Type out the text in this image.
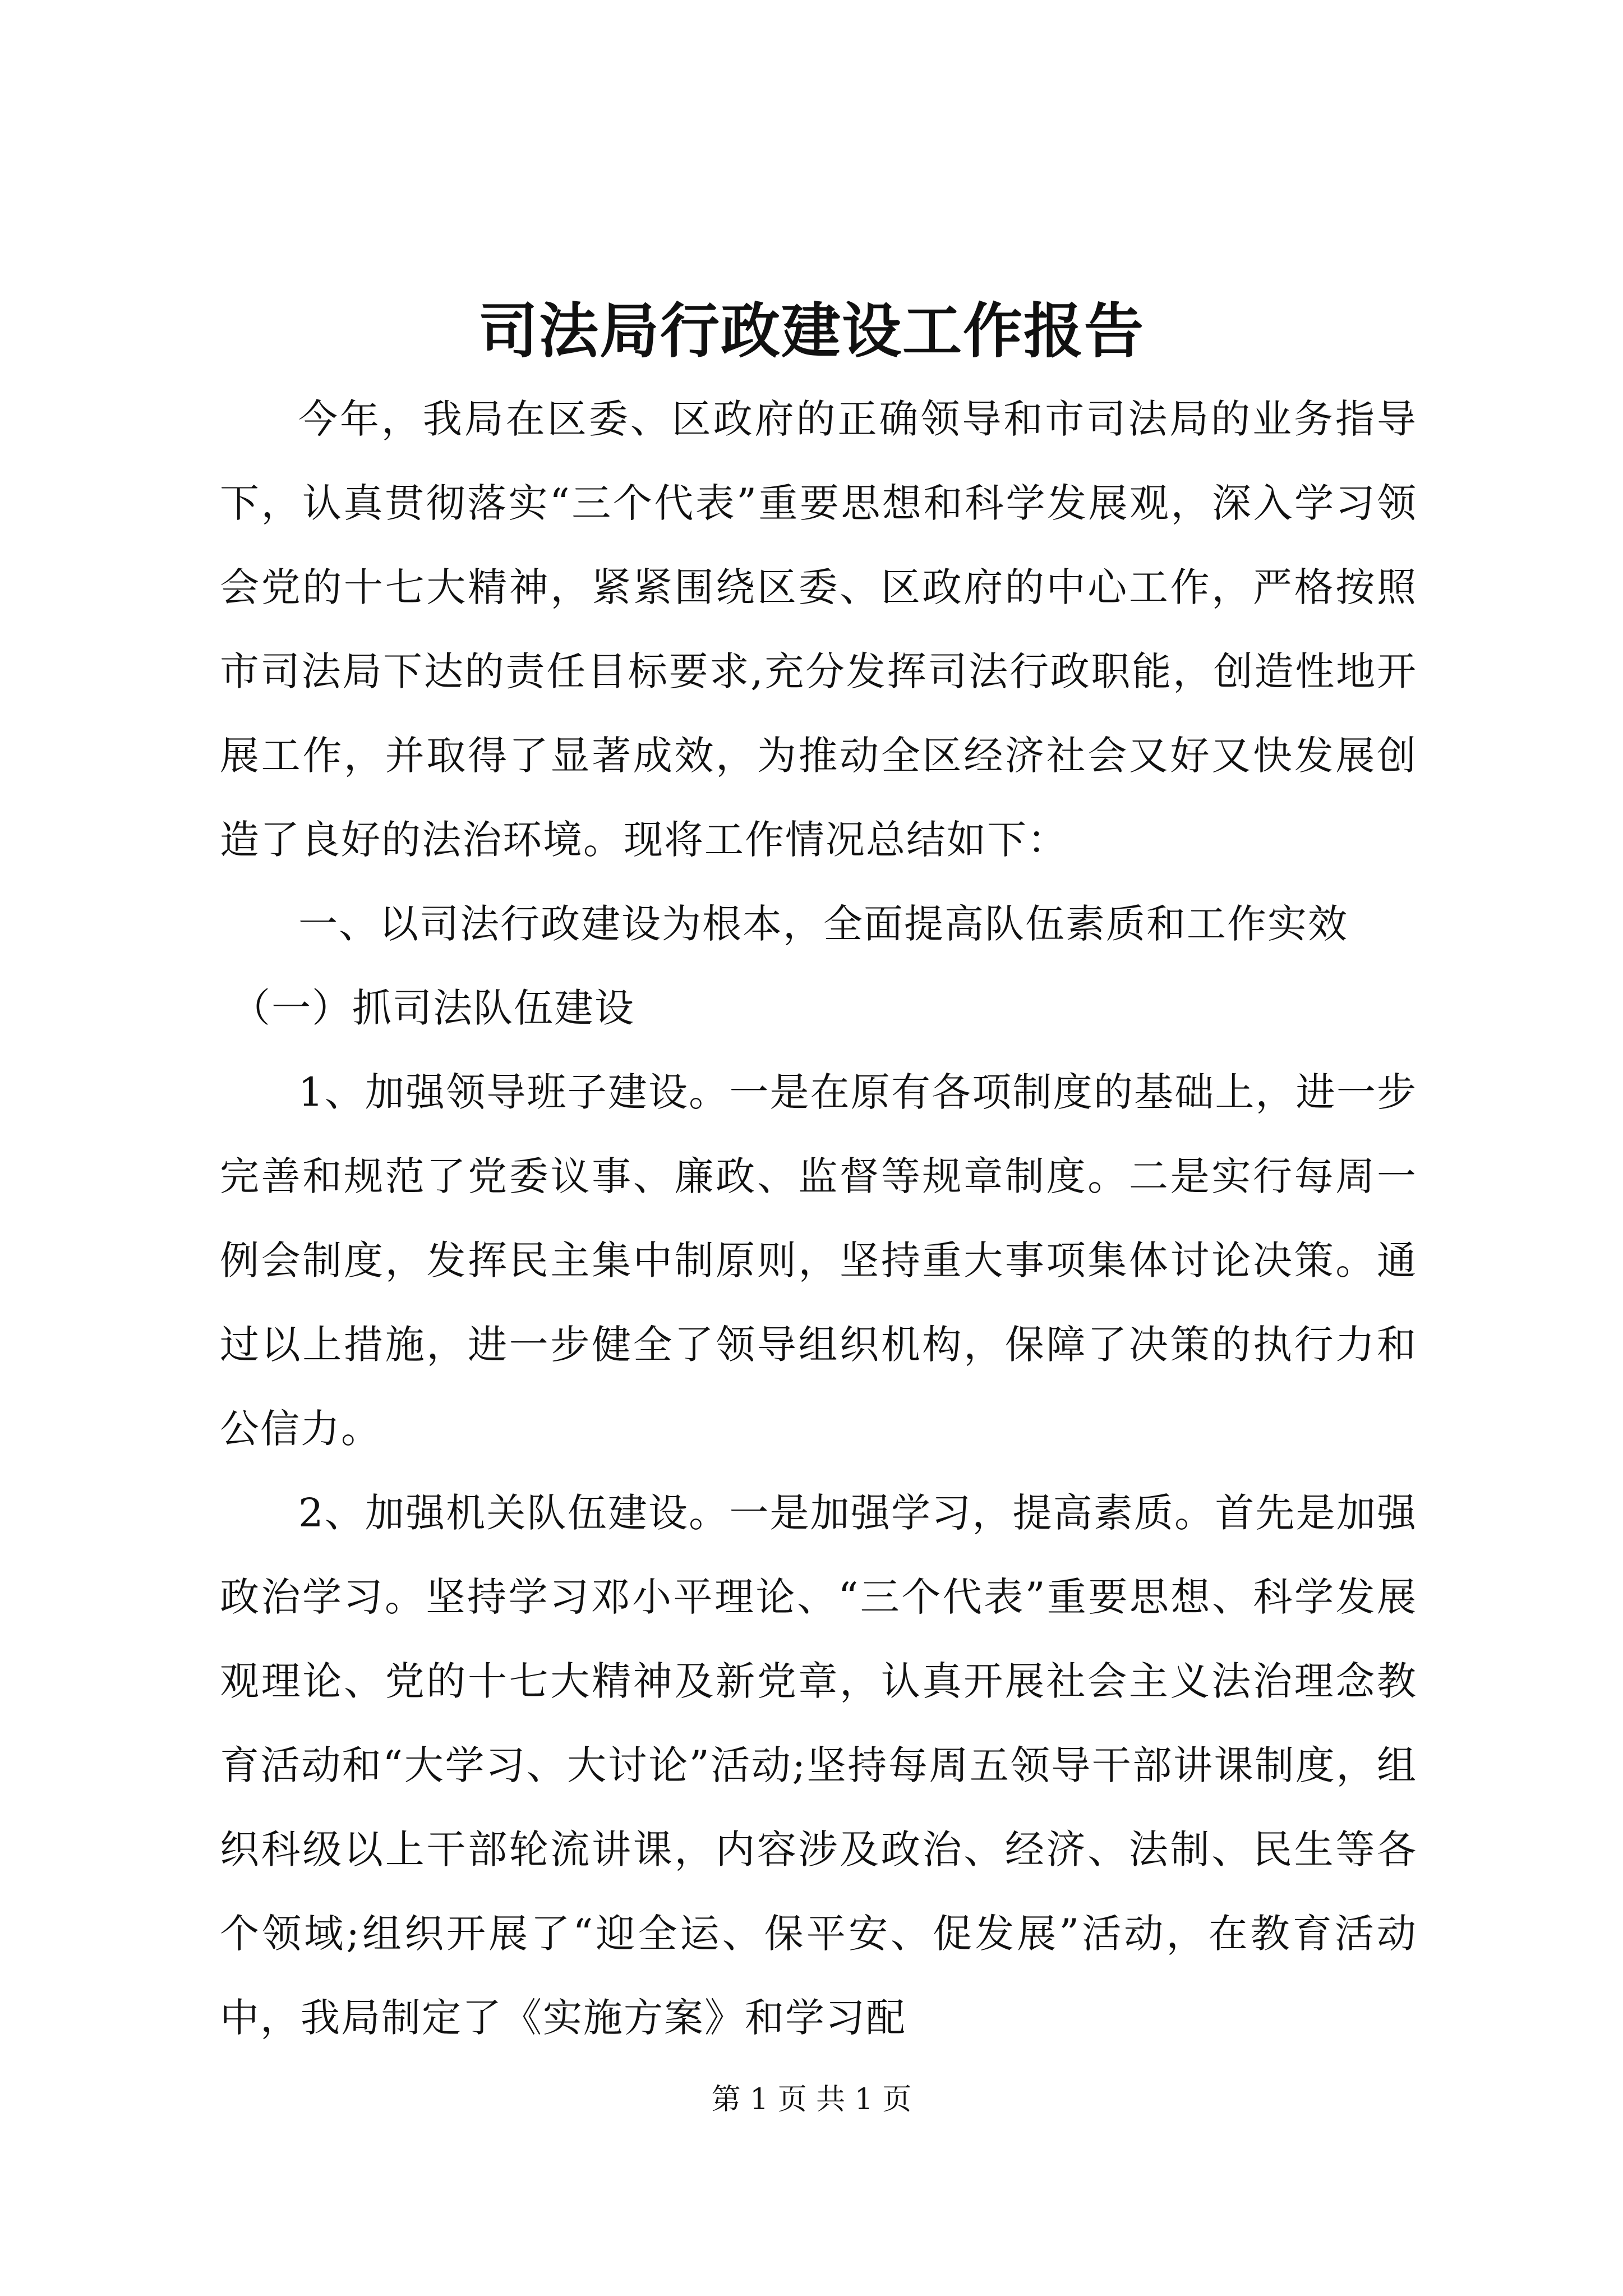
司法局行政建设工作报告

今年，我局在区委、区政府的正确领导和市司法局的业务指导下，认真贯彻落实“三个代表”重要思想和科学发展观，深入学习领会党的十七大精神，紧紧围绕区委、区政府的中心工作，严格按照市司法局下达的责任目标要求,充分发挥司法行政职能，创造性地开展工作，并取得了显著成效，为推动全区经济社会又好又快发展创造了良好的法治环境。现将工作情况总结如下：

一、以司法行政建设为根本，全面提高队伍素质和工作实效

（一）抓司法队伍建设

1、加强领导班子建设。一是在原有各项制度的基础上，进一步完善和规范了党委议事、廉政、监督等规章制度。二是实行每周一例会制度，发挥民主集中制原则，坚持重大事项集体讨论决策。通过以上措施，进一步健全了领导组织机构，保障了决策的执行力和公信力。

2、加强机关队伍建设。一是加强学习，提高素质。首先是加强政治学习。坚持学习邓小平理论、“三个代表”重要思想、科学发展观理论、党的十七大精神及新党章，认真开展社会主义法治理念教育活动和“大学习、大讨论”活动;坚持每周五领导干部讲课制度，组织科级以上干部轮流讲课，内容涉及政治、经济、法制、民生等各个领域;组织开展了“迎全运、保平安、促发展”活动，在教育活动中，我局制定了《实施方案》和学习配

第 1 页 共 1 页
